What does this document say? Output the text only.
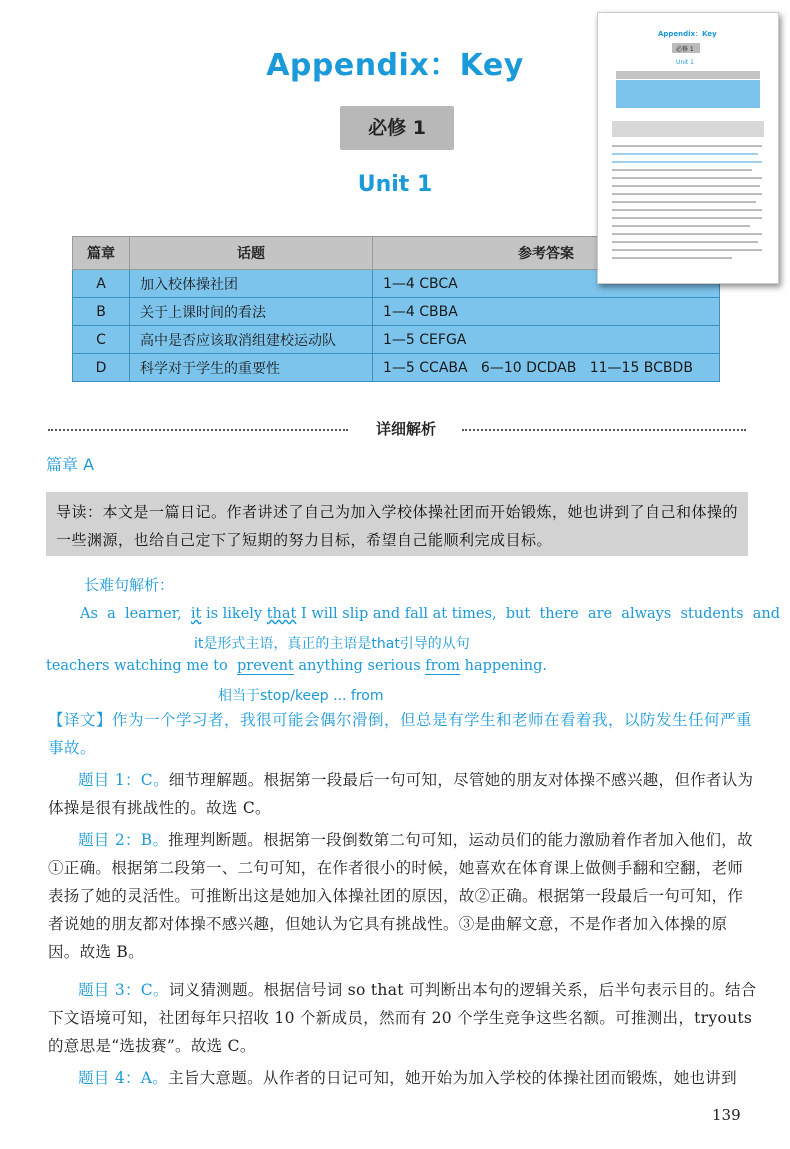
Appendix：Key
必修 1
Unit 1
篇章	话题	参考答案
A	加入校体操社团	1—4 CBCA
B	关于上课时间的看法	1—4 CBBA
C	高中是否应该取消组建校运动队	1—5 CEFGA
D	科学对于学生的重要性	1—5 CCABA   6—10 DCDAB   11—15 BCBDB
详细解析
篇章 A
导读：本文是一篇日记。作者讲述了自己为加入学校体操社团而开始锻炼，她也讲到了自己和体操的一些渊源，也给自己定下了短期的努力目标，希望自己能顺利完成目标。
长难句解析：
As  a  learner,  it is likely that I will slip and fall at times,  but  there  are  always  students  and
it是形式主语，真正的主语是that引导的从句
teachers watching me to  prevent anything serious from happening.
相当于stop/keep ... from
【译文】作为一个学习者，我很可能会偶尔滑倒，但总是有学生和老师在看着我，以防发生任何严重事故。
题目 1：C。细节理解题。根据第一段最后一句可知，尽管她的朋友对体操不感兴趣，但作者认为体操是很有挑战性的。故选 C。
题目 2：B。推理判断题。根据第一段倒数第二句可知，运动员们的能力激励着作者加入他们，故①正确。根据第二段第一、二句可知，在作者很小的时候，她喜欢在体育课上做侧手翻和空翻，老师表扬了她的灵活性。可推断出这是她加入体操社团的原因，故②正确。根据第一段最后一句可知，作者说她的朋友都对体操不感兴趣，但她认为它具有挑战性。③是曲解文意，不是作者加入体操的原因。故选 B。
题目 3：C。词义猜测题。根据信号词 so that 可判断出本句的逻辑关系，后半句表示目的。结合下文语境可知，社团每年只招收 10 个新成员，然而有 20 个学生竞争这些名额。可推测出，tryouts 的意思是“选拔赛”。故选 C。
题目 4：A。主旨大意题。从作者的日记可知，她开始为加入学校的体操社团而锻炼，她也讲到
139
Appendix：Key
必修 1
Unit 1
